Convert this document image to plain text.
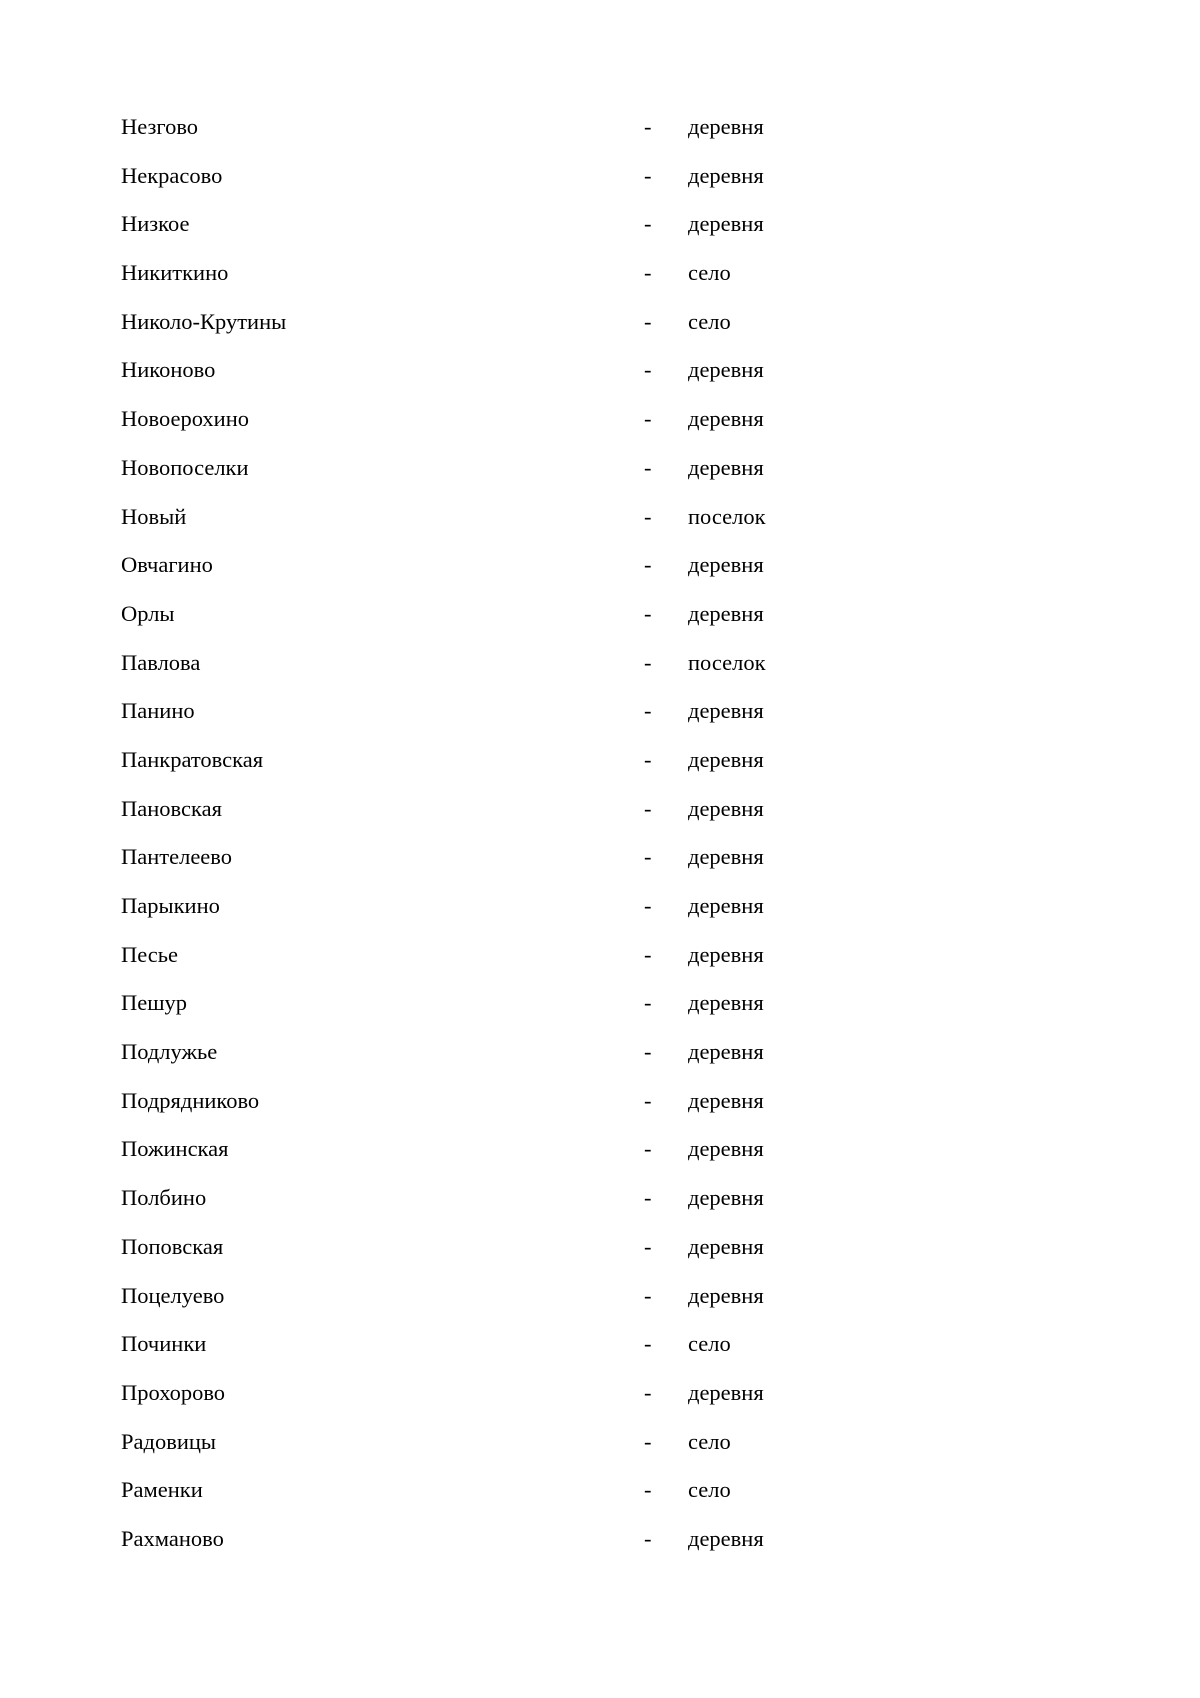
Незгово	- деревня
Некрасово	- деревня
Низкое	- деревня
Никиткино	- село
Николо-Крутины	- село
Никоново	- деревня
Новоерохино	- деревня
Новопоселки	- деревня
Новый	- поселок
Овчагино	- деревня
Орлы	- деревня
Павлова	- поселок
Панино	- деревня
Панкратовская	- деревня
Пановская	- деревня
Пантелеево	- деревня
Парыкино	- деревня
Песье	- деревня
Пешур	- деревня
Подлужье	- деревня
Подрядниково	- деревня
Пожинская	- деревня
Полбино	- деревня
Поповская	- деревня
Поцелуево	- деревня
Починки	- село
Прохорово	- деревня
Радовицы	- село
Раменки	- село
Рахманово	- деревня
